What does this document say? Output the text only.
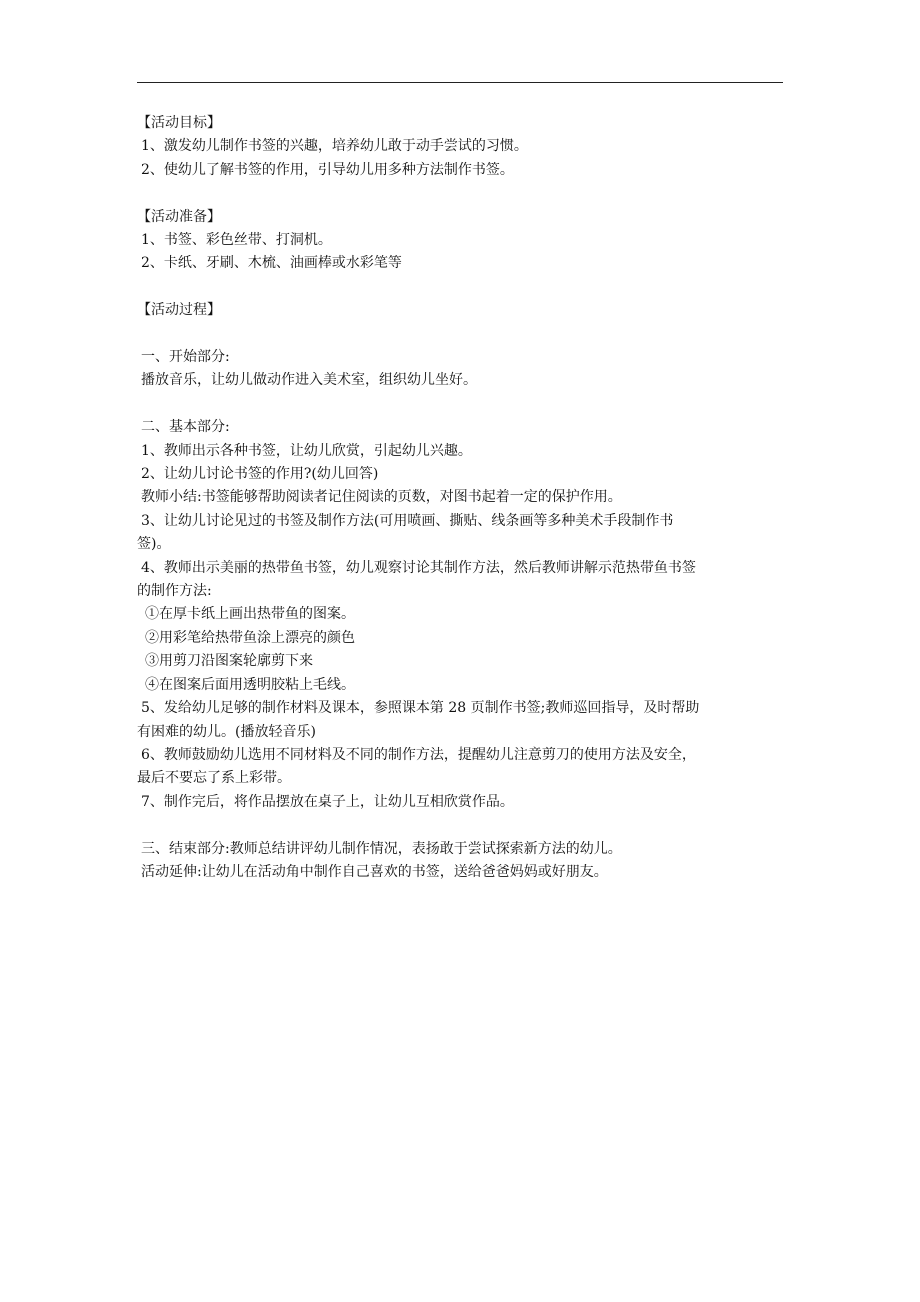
【活动目标】

1、激发幼儿制作书签的兴趣，培养幼儿敢于动手尝试的习惯。

2、使幼儿了解书签的作用，引导幼儿用多种方法制作书签。

【活动准备】

1、书签、彩色丝带、打洞机。

2、卡纸、牙刷、木梳、油画棒或水彩笔等

【活动过程】

一、开始部分:

播放音乐，让幼儿做动作进入美术室，组织幼儿坐好。

二、基本部分:

1、教师出示各种书签，让幼儿欣赏，引起幼儿兴趣。

2、让幼儿讨论书签的作用?(幼儿回答)

教师小结:书签能够帮助阅读者记住阅读的页数，对图书起着一定的保护作用。

3、让幼儿讨论见过的书签及制作方法(可用喷画、撕贴、线条画等多种美术手段制作书

签)。

4、教师出示美丽的热带鱼书签，幼儿观察讨论其制作方法，然后教师讲解示范热带鱼书签

的制作方法:

①在厚卡纸上画出热带鱼的图案。

②用彩笔给热带鱼涂上漂亮的颜色

③用剪刀沿图案轮廓剪下来

④在图案后面用透明胶粘上毛线。

5、发给幼儿足够的制作材料及课本，参照课本第 28 页制作书签;教师巡回指导，及时帮助

有困难的幼儿。(播放轻音乐)

6、教师鼓励幼儿选用不同材料及不同的制作方法，提醒幼儿注意剪刀的使用方法及安全，

最后不要忘了系上彩带。

7、制作完后，将作品摆放在桌子上，让幼儿互相欣赏作品。

三、结束部分:教师总结讲评幼儿制作情况，表扬敢于尝试探索新方法的幼儿。

活动延伸:让幼儿在活动角中制作自己喜欢的书签，送给爸爸妈妈或好朋友。
